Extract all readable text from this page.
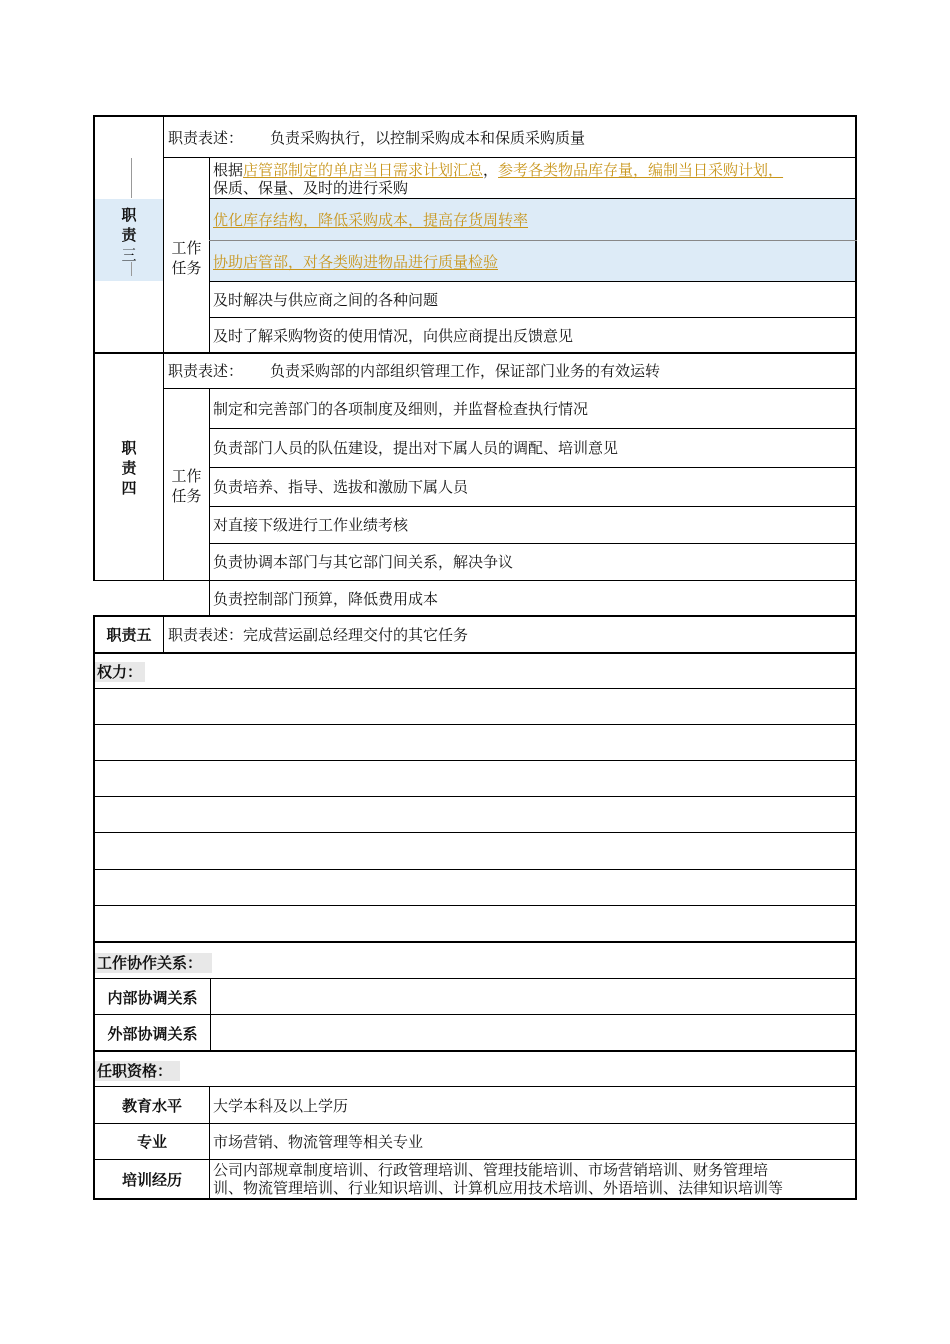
职
责
三
职责表述： 负责采购执行，以控制采购成本和保质采购质量
工作
任务
根据店管部制定的单店当日需求计划汇总，参考各类物品库存量，编制当日采购计划，
保质、保量、及时的进行采购
优化库存结构，降低采购成本，提高存货周转率
协助店管部，对各类购进物品进行质量检验
及时解决与供应商之间的各种问题
及时了解采购物资的使用情况，向供应商提出反馈意见
职
责
四
职责表述： 负责采购部的内部组织管理工作，保证部门业务的有效运转
工作
任务
制定和完善部门的各项制度及细则，并监督检查执行情况
负责部门人员的队伍建设，提出对下属人员的调配、培训意见
负责培养、指导、选拔和激励下属人员
对直接下级进行工作业绩考核
负责协调本部门与其它部门间关系，解决争议
负责控制部门预算，降低费用成本
职责五	职责表述：完成营运副总经理交付的其它任务
权力：
工作协作关系：
内部协调关系
外部协调关系
任职资格：
教育水平	大学本科及以上学历
专业	市场营销、物流管理等相关专业
培训经历
公司内部规章制度培训、行政管理培训、管理技能培训、市场营销培训、财务管理培
训、物流管理培训、行业知识培训、计算机应用技术培训、外语培训、法律知识培训等
